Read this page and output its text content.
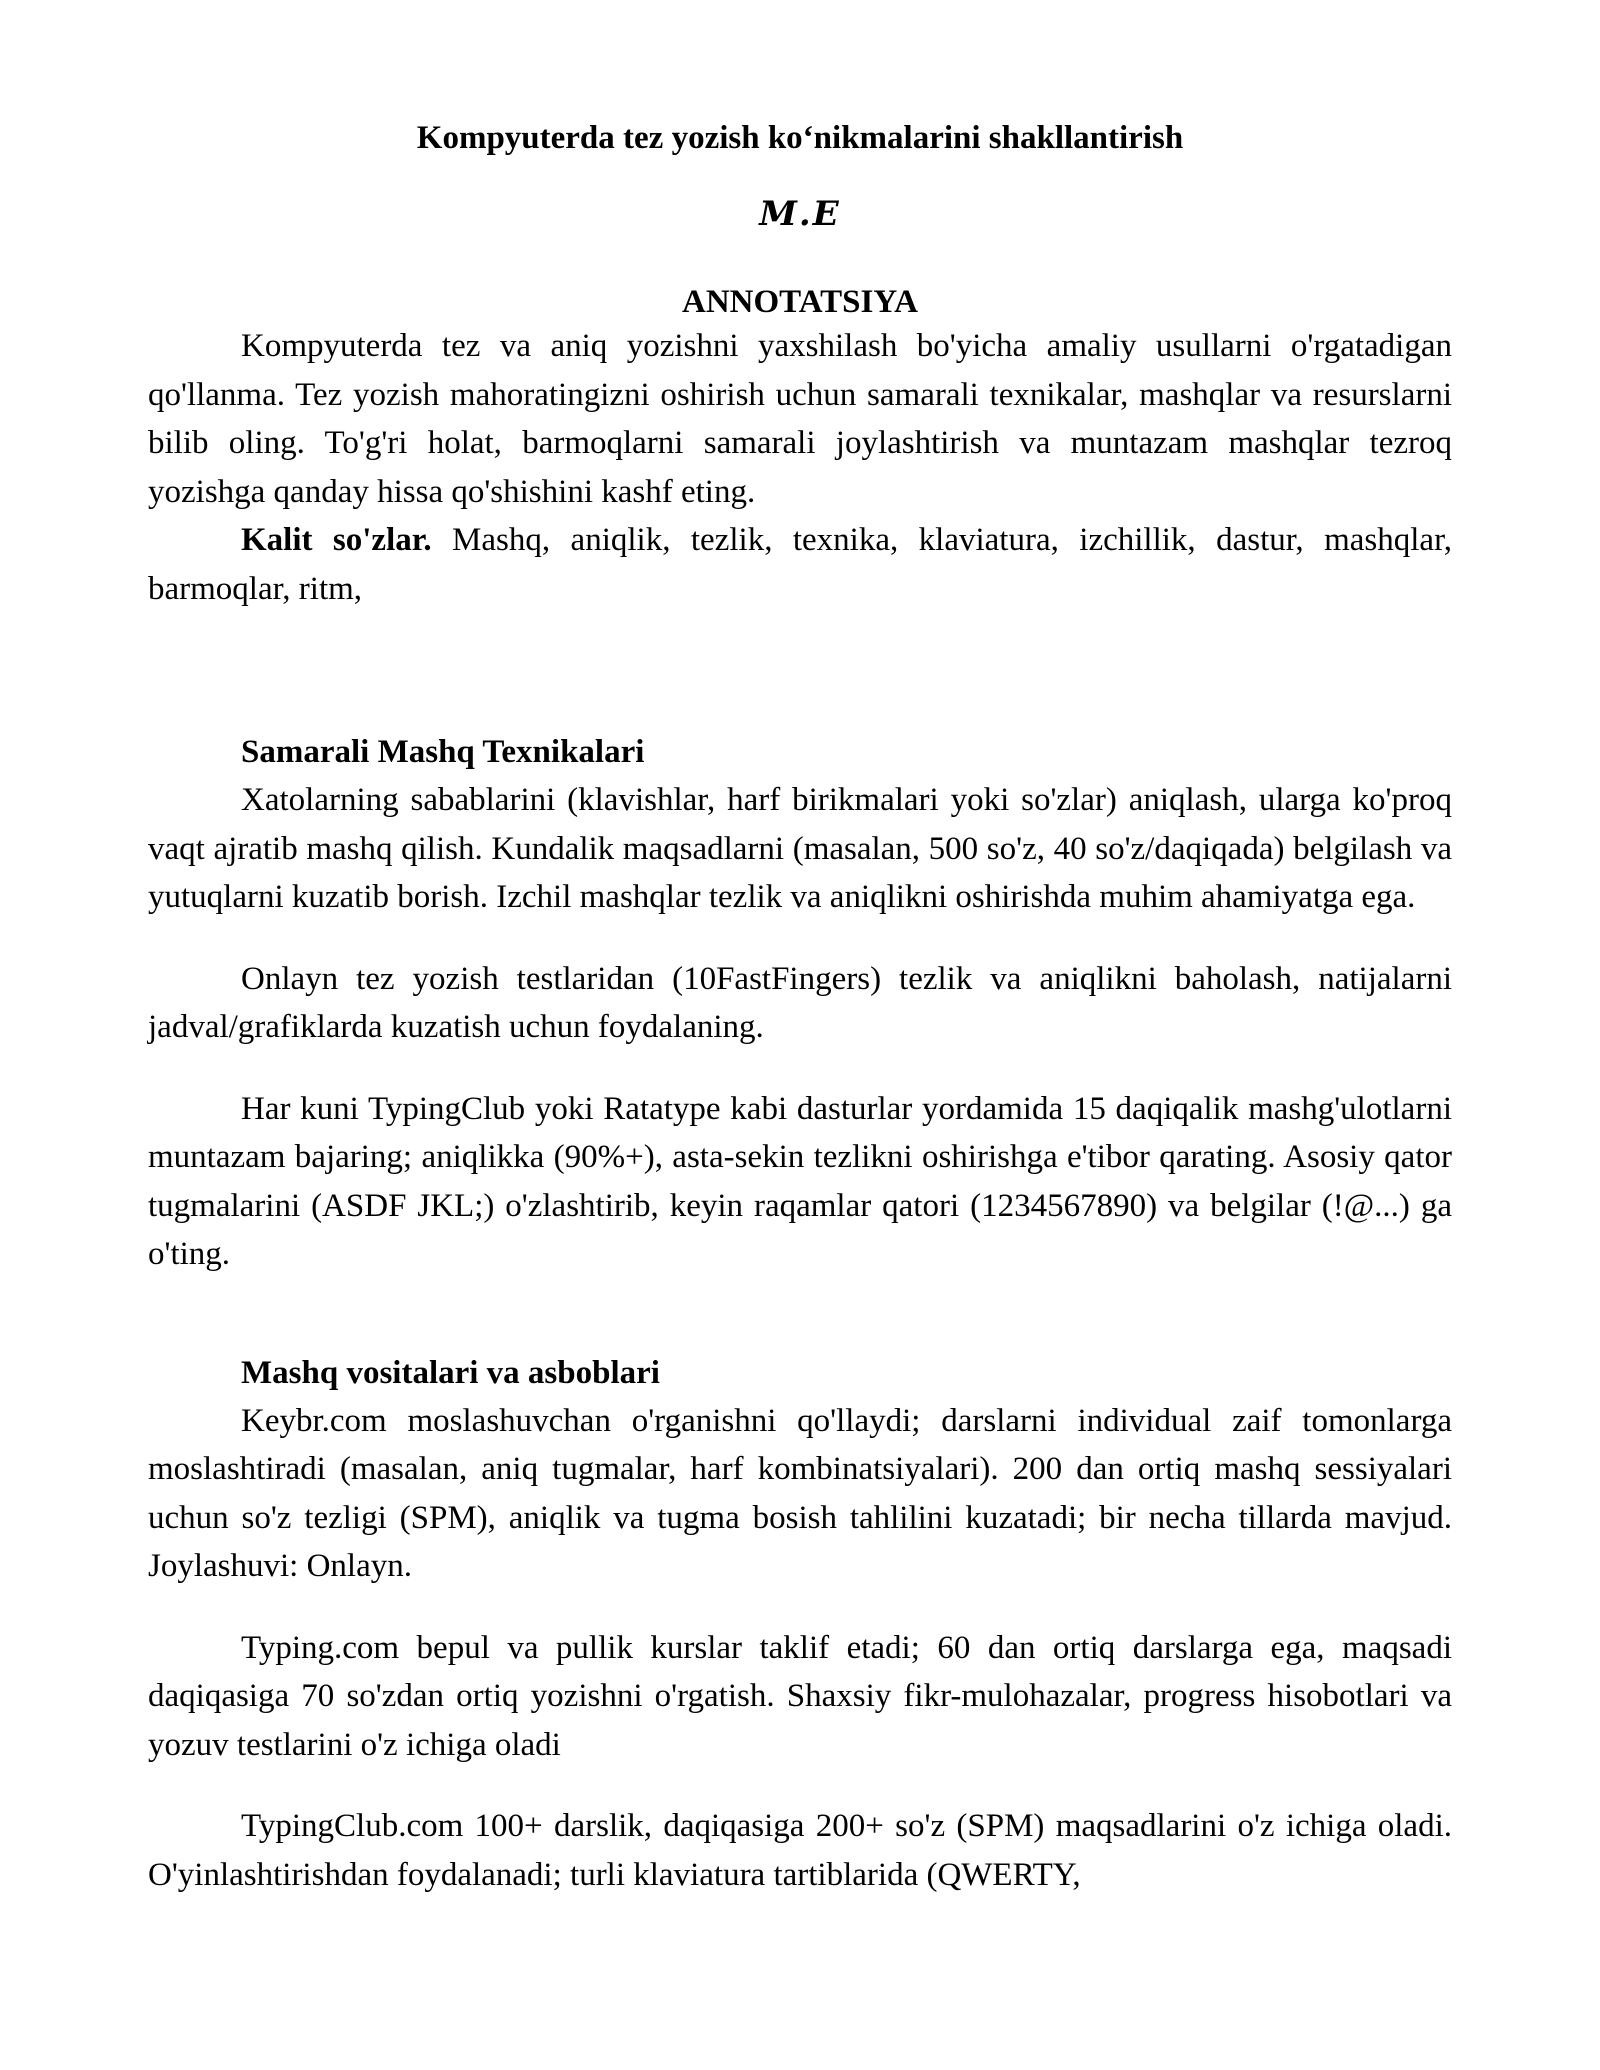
Kompyuterda tez yozish ko‘nikmalarini shakllantirish
M.E
ANNOTATSIYA

Kompyuterda tez va aniq yozishni yaxshilash bo'yicha amaliy usullarni o'rgatadigan qo'llanma. Tez yozish mahoratingizni oshirish uchun samarali texnikalar, mashqlar va resurslarni bilib oling. To'g'ri holat, barmoqlarni samarali joylashtirish va muntazam mashqlar tezroq yozishga qanday hissa qo'shishini kashf eting.

Kalit so'zlar. Mashq, aniqlik, tezlik, texnika, klaviatura, izchillik, dastur, mashqlar, barmoqlar, ritm,

Samarali Mashq Texnikalari

Xatolarning sabablarini (klavishlar, harf birikmalari yoki so'zlar) aniqlash, ularga ko'proq vaqt ajratib mashq qilish. Kundalik maqsadlarni (masalan, 500 so'z, 40 so'z/daqiqada) belgilash va yutuqlarni kuzatib borish. Izchil mashqlar tezlik va aniqlikni oshirishda muhim ahamiyatga ega.

Onlayn tez yozish testlaridan (10FastFingers) tezlik va aniqlikni baholash, natijalarni jadval/grafiklarda kuzatish uchun foydalaning.

Har kuni TypingClub yoki Ratatype kabi dasturlar yordamida 15 daqiqalik mashg'ulotlarni muntazam bajaring; aniqlikka (90%+), asta-sekin tezlikni oshirishga e'tibor qarating. Asosiy qator tugmalarini (ASDF JKL;) o'zlashtirib, keyin raqamlar qatori (1234567890) va belgilar (!@...) ga o'ting.

Mashq vositalari va asboblari

Keybr.com moslashuvchan o'rganishni qo'llaydi; darslarni individual zaif tomonlarga moslashtiradi (masalan, aniq tugmalar, harf kombinatsiyalari). 200 dan ortiq mashq sessiyalari uchun so'z tezligi (SPM), aniqlik va tugma bosish tahlilini kuzatadi; bir necha tillarda mavjud. Joylashuvi: Onlayn.

Typing.com bepul va pullik kurslar taklif etadi; 60 dan ortiq darslarga ega, maqsadi daqiqasiga 70 so'zdan ortiq yozishni o'rgatish. Shaxsiy fikr-mulohazalar, progress hisobotlari va yozuv testlarini o'z ichiga oladi

TypingClub.com 100+ darslik, daqiqasiga 200+ so'z (SPM) maqsadlarini o'z ichiga oladi. O'yinlashtirishdan foydalanadi; turli klaviatura tartiblarida (QWERTY,
